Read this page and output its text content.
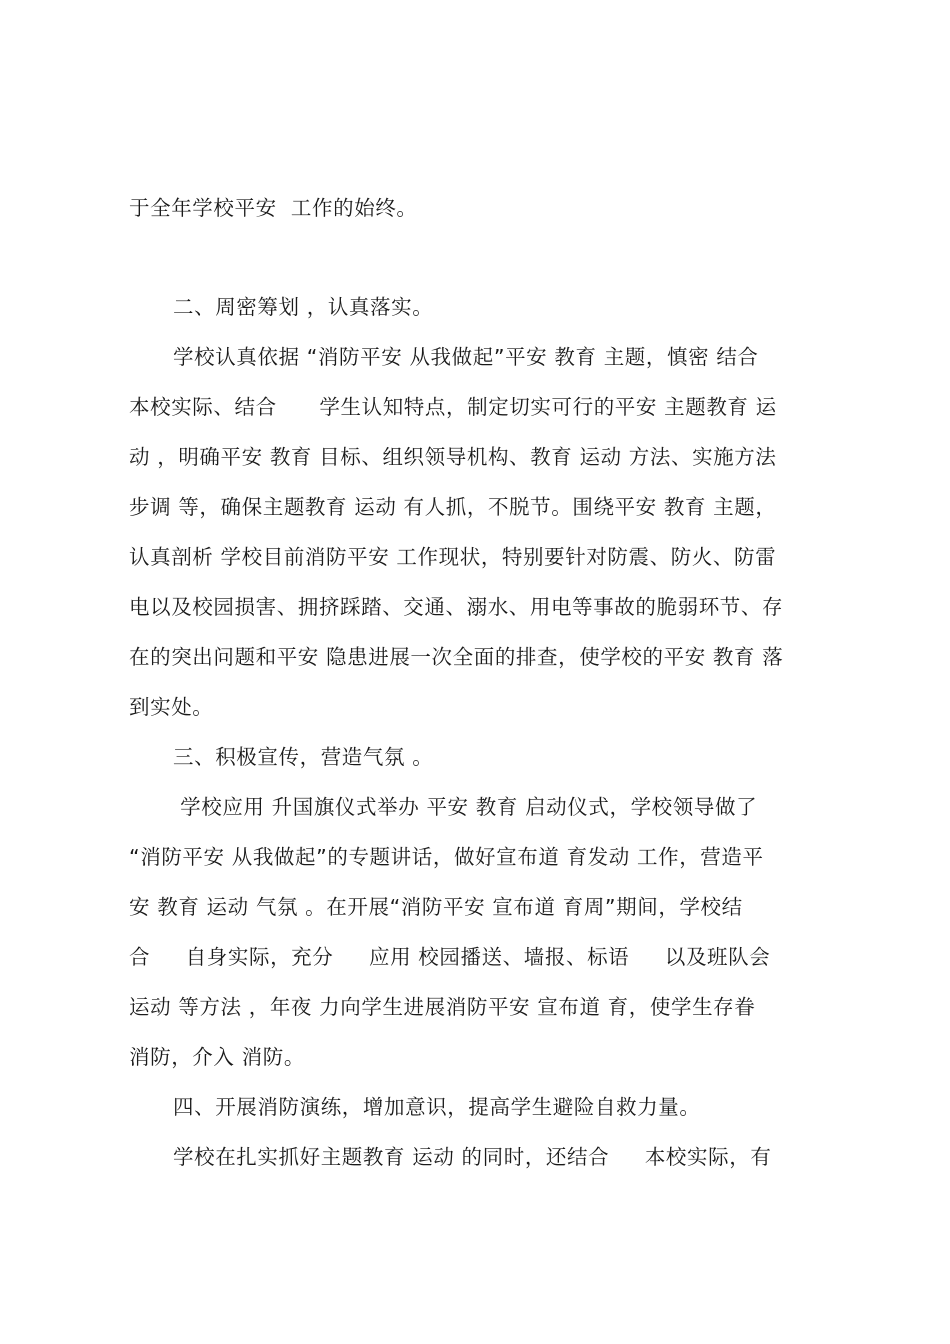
于全年学校平安  工作的始终。
二、周密筹划 ，认真落实。
学校认真依据 “消防平安 从我做起”平安 教育 主题，慎密 结合
本校实际、结合      学生认知特点，制定切实可行的平安 主题教育 运
动 ，明确平安 教育 目标、组织领导机构、教育 运动 方法、实施方法
步调 等，确保主题教育 运动 有人抓，不脱节。围绕平安 教育 主题，
认真剖析 学校目前消防平安 工作现状，特别要针对防震、防火、防雷
电以及校园损害、拥挤踩踏、交通、溺水、用电等事故的脆弱环节、存
在的突出问题和平安 隐患进展一次全面的排查，使学校的平安 教育 落
到实处。
三、积极宣传，营造气氛 。
学校应用 升国旗仪式举办 平安 教育 启动仪式，学校领导做了
“消防平安 从我做起”的专题讲话，做好宣布道 育发动 工作，营造平
安 教育 运动 气氛 。在开展“消防平安 宣布道 育周”期间，学校结
合     自身实际，充分     应用 校园播送、墙报、标语     以及班队会
运动 等方法 ，年夜 力向学生进展消防平安 宣布道 育，使学生存眷
消防，介入 消防。
四、开展消防演练，增加意识，提高学生避险自救力量。
学校在扎实抓好主题教育 运动 的同时，还结合     本校实际，有
